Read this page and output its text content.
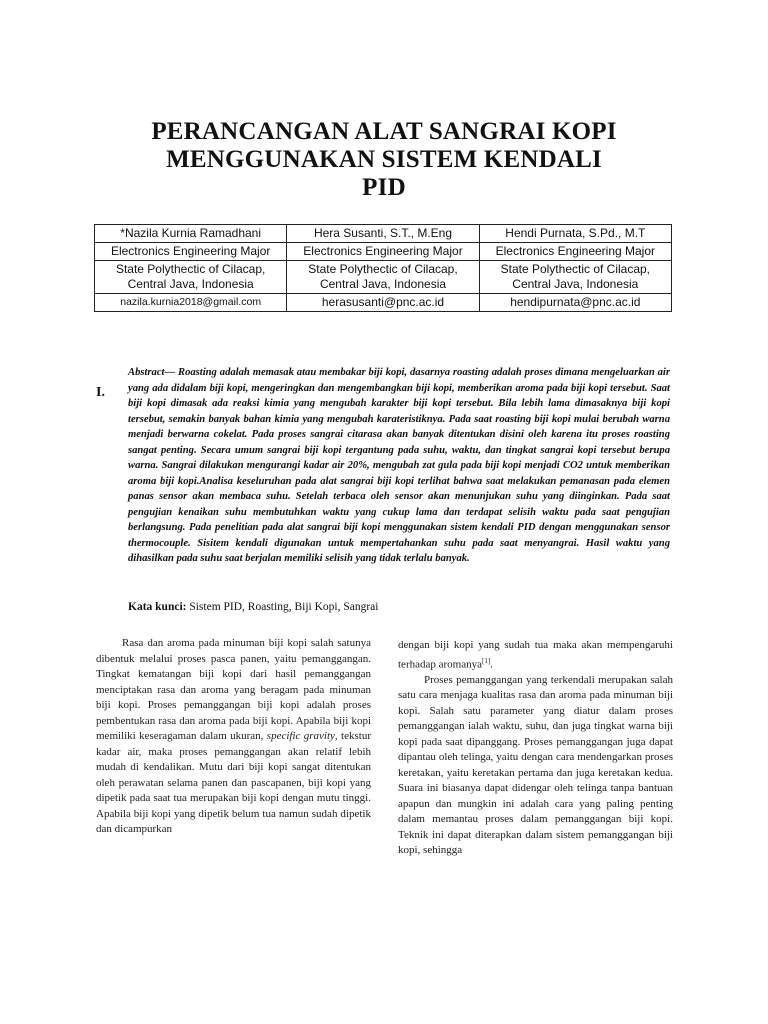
PERANCANGAN ALAT SANGRAI KOPI
MENGGUNAKAN SISTEM KENDALI
PID
*Nazila Kurnia Ramadhani	Hera Susanti, S.T., M.Eng	Hendi Purnata, S.Pd., M.T
Electronics Engineering Major	Electronics Engineering Major	Electronics Engineering Major
State Polythectic of Cilacap, Central Java, Indonesia	State Polythectic of Cilacap, Central Java, Indonesia	State Polythectic of Cilacap, Central Java, Indonesia
nazila.kurnia2018@gmail.com	herasusanti@pnc.ac.id	hendipurnata@pnc.ac.id
I.
Abstract— Roasting adalah memasak atau membakar biji kopi, dasarnya roasting adalah proses dimana mengeluarkan air yang ada didalam biji kopi, mengeringkan dan mengembangkan biji kopi, memberikan aroma pada biji kopi tersebut. Saat biji kopi dimasak ada reaksi kimia yang mengubah karakter biji kopi tersebut. Bila lebih lama dimasaknya biji kopi tersebut, semakin banyak bahan kimia yang mengubah karateristiknya. Pada saat roasting biji kopi mulai berubah warna menjadi berwarna cokelat. Pada proses sangrai citarasa akan banyak ditentukan disini oleh karena itu proses roasting sangat penting. Secara umum sangrai biji kopi tergantung pada suhu, waktu, dan tingkat sangrai kopi tersebut berupa warna. Sangrai dilakukan mengurangi kadar air 20%, mengubah zat gula pada biji kopi menjadi CO2 untuk memberikan aroma biji kopi.Analisa keseluruhan pada alat sangrai biji kopi terlihat bahwa saat melakukan pemanasan pada elemen panas sensor akan membaca suhu. Setelah terbaca oleh sensor akan menunjukan suhu yang diinginkan. Pada saat pengujian kenaikan suhu membutuhkan waktu yang cukup lama dan terdapat selisih waktu pada saat pengujian berlangsung. Pada penelitian pada alat sangrai biji kopi menggunakan sistem kendali PID dengan menggunakan sensor thermocouple. Sisitem kendali digunakan untuk mempertahankan suhu pada saat menyangrai. Hasil waktu yang dihasilkan pada suhu saat berjalan memiliki selisih yang tidak terlalu banyak.
Kata kunci: Sistem PID, Roasting, Biji Kopi, Sangrai

Rasa dan aroma pada minuman biji kopi salah satunya dibentuk melalui proses pasca panen, yaitu pemanggangan. Tingkat kematangan biji kopi dari hasil pemanggangan menciptakan rasa dan aroma yang beragam pada minuman biji kopi. Proses pemanggangan biji kopi adalah proses pembentukan rasa dan aroma pada biji kopi. Apabila biji kopi memiliki keseragaman dalam ukuran, specific gravity, tekstur kadar air, maka proses pemanggangan akan relatif lebih mudah di kendalikan. Mutu dari biji kopi sangat ditentukan oleh perawatan selama panen dan pascapanen, biji kopi yang dipetik pada saat tua merupakan biji kopi dengan mutu tinggi. Apabila biji kopi yang dipetik belum tua namun sudah dipetik dan dicampurkan

dengan biji kopi yang sudah tua maka akan mempengaruhi terhadap aromanya[1].

Proses pemanggangan yang terkendali merupakan salah satu cara menjaga kualitas rasa dan aroma pada minuman biji kopi. Salah satu parameter yang diatur dalam proses pemanggangan ialah waktu, suhu, dan juga tingkat warna biji kopi pada saat dipanggang. Proses pemanggangan juga dapat dipantau oleh telinga, yaitu dengan cara mendengarkan proses keretakan, yaitu keretakan pertama dan juga keretakan kedua. Suara ini biasanya dapat didengar oleh telinga tanpa bantuan apapun dan mungkin ini adalah cara yang paling penting dalam memantau proses dalam pemanggangan biji kopi. Teknik ini dapat diterapkan dalam sistem pemanggangan biji kopi, sehingga
